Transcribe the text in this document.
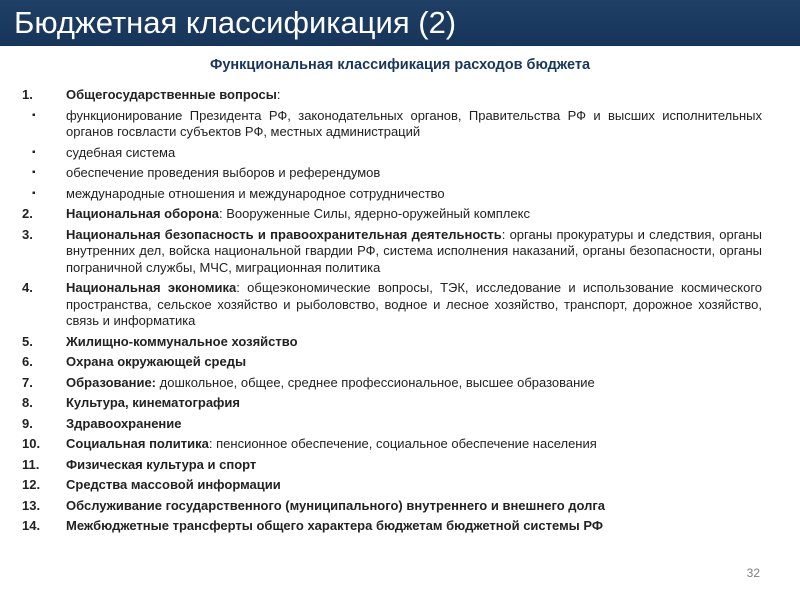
Бюджетная классификация (2)
Функциональная классификация расходов бюджета
1.	Общегосударственные вопросы:
▪ функционирование Президента РФ, законодательных органов, Правительства РФ и высших исполнительных органов госвласти субъектов РФ, местных администраций
▪ судебная система
▪ обеспечение проведения выборов и референдумов
▪ международные отношения и международное сотрудничество
2.	Национальная оборона: Вооруженные Силы, ядерно-оружейный комплекс
3.	Национальная безопасность и правоохранительная деятельность: органы прокуратуры и следствия, органы внутренних дел, войска национальной гвардии РФ, система исполнения наказаний, органы безопасности, органы пограничной службы, МЧС, миграционная политика
4.	Национальная экономика: общеэкономические вопросы, ТЭК, исследование и использование космического пространства, сельское хозяйство и рыболовство, водное и лесное хозяйство, транспорт, дорожное хозяйство, связь и информатика
5.	Жилищно-коммунальное хозяйство
6.	Охрана окружающей среды
7.	Образование: дошкольное, общее, среднее профессиональное, высшее образование
8.	Культура, кинематография
9.	Здравоохранение
10.	Социальная политика: пенсионное обеспечение, социальное обеспечение населения
11.	Физическая культура и спорт
12.	Средства массовой информации
13.	Обслуживание государственного (муниципального) внутреннего и внешнего долга
14.	Межбюджетные трансферты общего характера бюджетам бюджетной системы РФ
32
